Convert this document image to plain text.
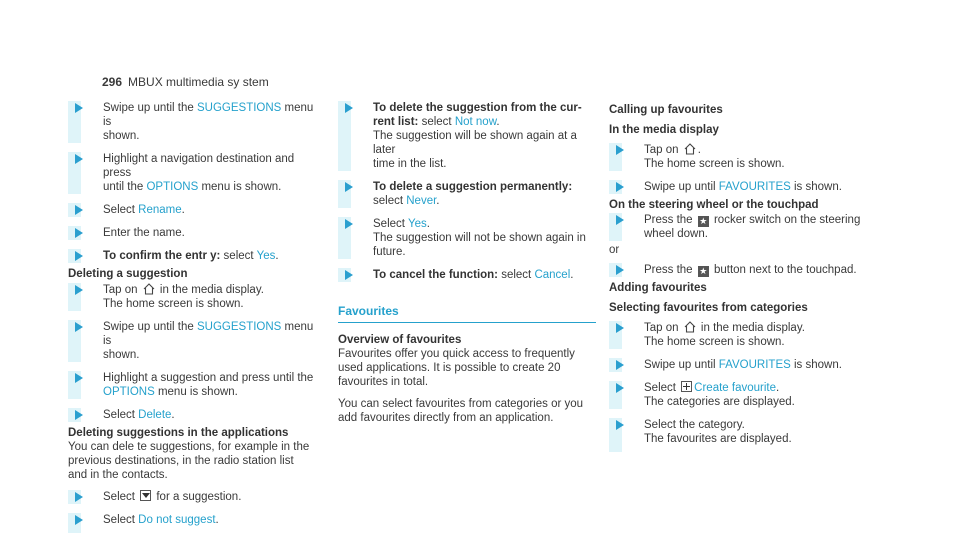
296 MBUX multimedia sy stem
Swipe up until the SUGGESTIONS menu is
shown.
Highlight a navigation destination and press
until the OPTIONS menu is shown.
Select Rename.
Enter the name.
To confirm the entr y: select Yes.
Deleting a suggestion
Tap on  in the media display.
The home screen is shown.
Swipe up until the SUGGESTIONS menu is
shown.
Highlight a suggestion and press until the
OPTIONS menu is shown.
Select Delete.
Deleting suggestions in the applications
You can dele te suggestions, for example in the
previous destinations, in the radio station list
and in the contacts.
Select  for a suggestion.
Select Do not suggest.
To delete the suggestion from the cur-
rent list: select Not now.
The suggestion will be shown again at a later
time in the list.
To delete a suggestion permanently:
select Never.
Select Yes.
The suggestion will not be shown again in
future.
To cancel the function: select Cancel.
Favourites
Overview of favourites
Favourites offer you quick access to frequently
used applications. It is possible to create 20
favourites in total.
You can select favourites from categories or you
add favourites directly from an application.
Calling up favourites
In the media display
Tap on .
The home screen is shown.
Swipe up until FAVOURITES is shown.
On the steering wheel or the touchpad
Press the ★ rocker switch on the steering
wheel down.
or
Press the ★ button next to the touchpad.
Adding favourites
Selecting favourites from categories
Tap on  in the media display.
The home screen is shown.
Swipe up until FAVOURITES is shown.
Select Create favourite.
The categories are displayed.
Select the category.
The favourites are displayed.
